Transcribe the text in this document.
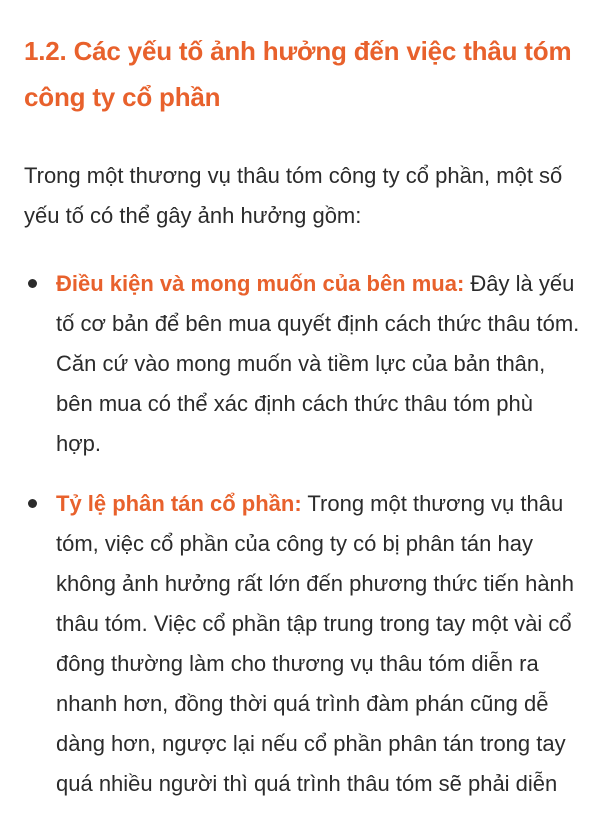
1.2. Các yếu tố ảnh hưởng đến việc thâu tóm công ty cổ phần

Trong một thương vụ thâu tóm công ty cổ phần, một số yếu tố có thể gây ảnh hưởng gồm:

Điều kiện và mong muốn của bên mua: Đây là yếu tố cơ bản để bên mua quyết định cách thức thâu tóm. Căn cứ vào mong muốn và tiềm lực của bản thân, bên mua có thể xác định cách thức thâu tóm phù hợp.
Tỷ lệ phân tán cổ phần: Trong một thương vụ thâu tóm, việc cổ phần của công ty có bị phân tán hay không ảnh hưởng rất lớn đến phương thức tiến hành thâu tóm. Việc cổ phần tập trung trong tay một vài cổ đông thường làm cho thương vụ thâu tóm diễn ra nhanh hơn, đồng thời quá trình đàm phán cũng dễ dàng hơn, ngược lại nếu cổ phần phân tán trong tay quá nhiều người thì quá trình thâu tóm sẽ phải diễn
